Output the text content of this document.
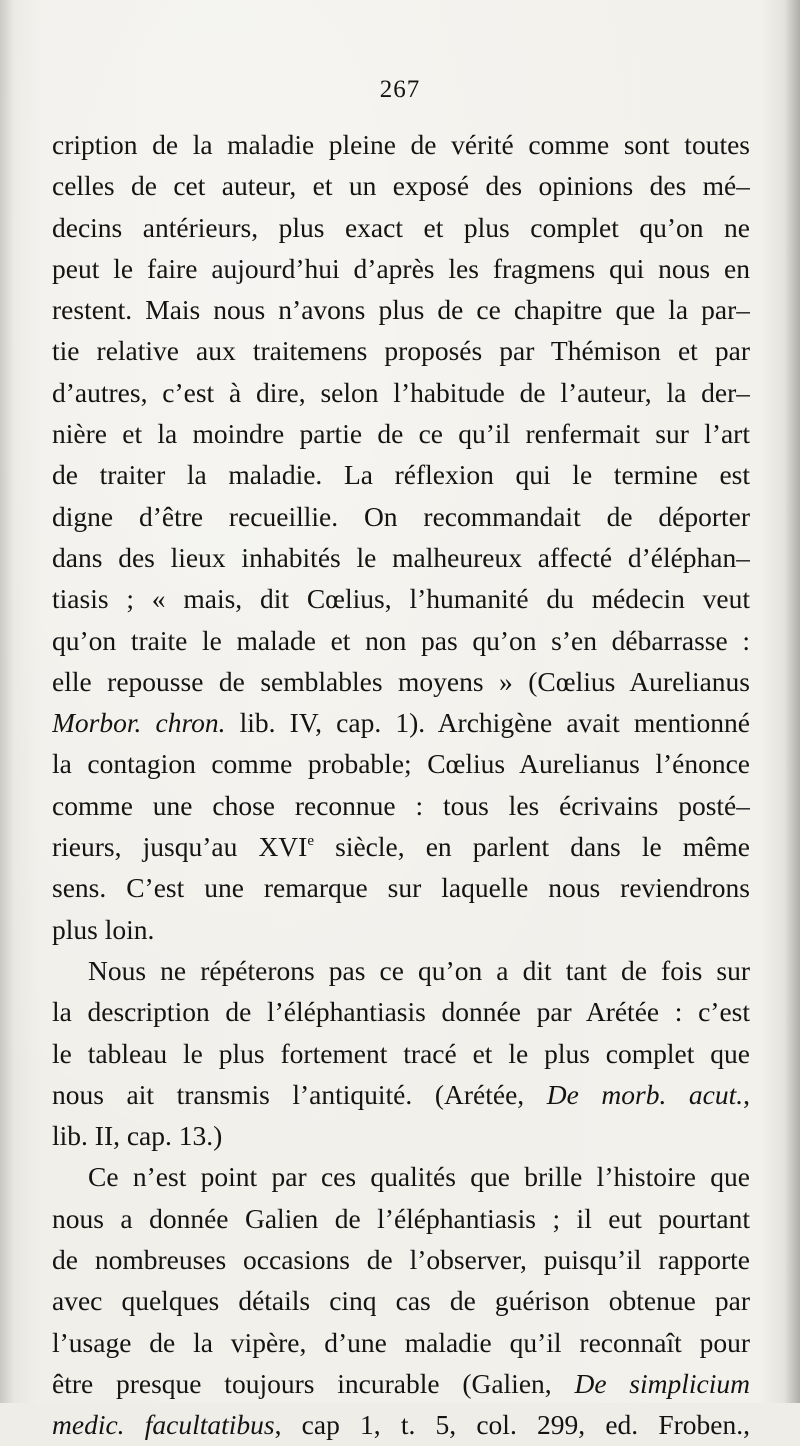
267
cription de la maladie pleine de vérité comme sont toutes
celles de cet auteur, et un exposé des opinions des mé–
decins antérieurs, plus exact et plus complet qu’on ne
peut le faire aujourd’hui d’après les fragmens qui nous en
restent. Mais nous n’avons plus de ce chapitre que la par–
tie relative aux traitemens proposés par Thémison et par
d’autres, c’est à dire, selon l’habitude de l’auteur, la der–
nière et la moindre partie de ce qu’il renfermait sur l’art
de traiter la maladie. La réflexion qui le termine est
digne d’être recueillie. On recommandait de déporter
dans des lieux inhabités le malheureux affecté d’éléphan–
tiasis ; « mais, dit Cœlius, l’humanité du médecin veut
qu’on traite le malade et non pas qu’on s’en débarrasse :
elle repousse de semblables moyens » (Cœlius Aurelianus
Morbor. chron. lib. IV, cap. 1). Archigène avait mentionné
la contagion comme probable; Cœlius Aurelianus l’énonce
comme une chose reconnue : tous les écrivains posté–
rieurs, jusqu’au XVIe siècle, en parlent dans le même
sens. C’est une remarque sur laquelle nous reviendrons
plus loin.
Nous ne répéterons pas ce qu’on a dit tant de fois sur
la description de l’éléphantiasis donnée par Arétée : c’est
le tableau le plus fortement tracé et le plus complet que
nous ait transmis l’antiquité. (Arétée, De morb. acut.,
lib. II, cap. 13.)
Ce n’est point par ces qualités que brille l’histoire que
nous a donnée Galien de l’éléphantiasis ; il eut pourtant
de nombreuses occasions de l’observer, puisqu’il rapporte
avec quelques détails cinq cas de guérison obtenue par
l’usage de la vipère, d’une maladie qu’il reconnaît pour
être presque toujours incurable (Galien, De simplicium
medic. facultatibus, cap 1, t. 5, col. 299, ed. Froben.,
